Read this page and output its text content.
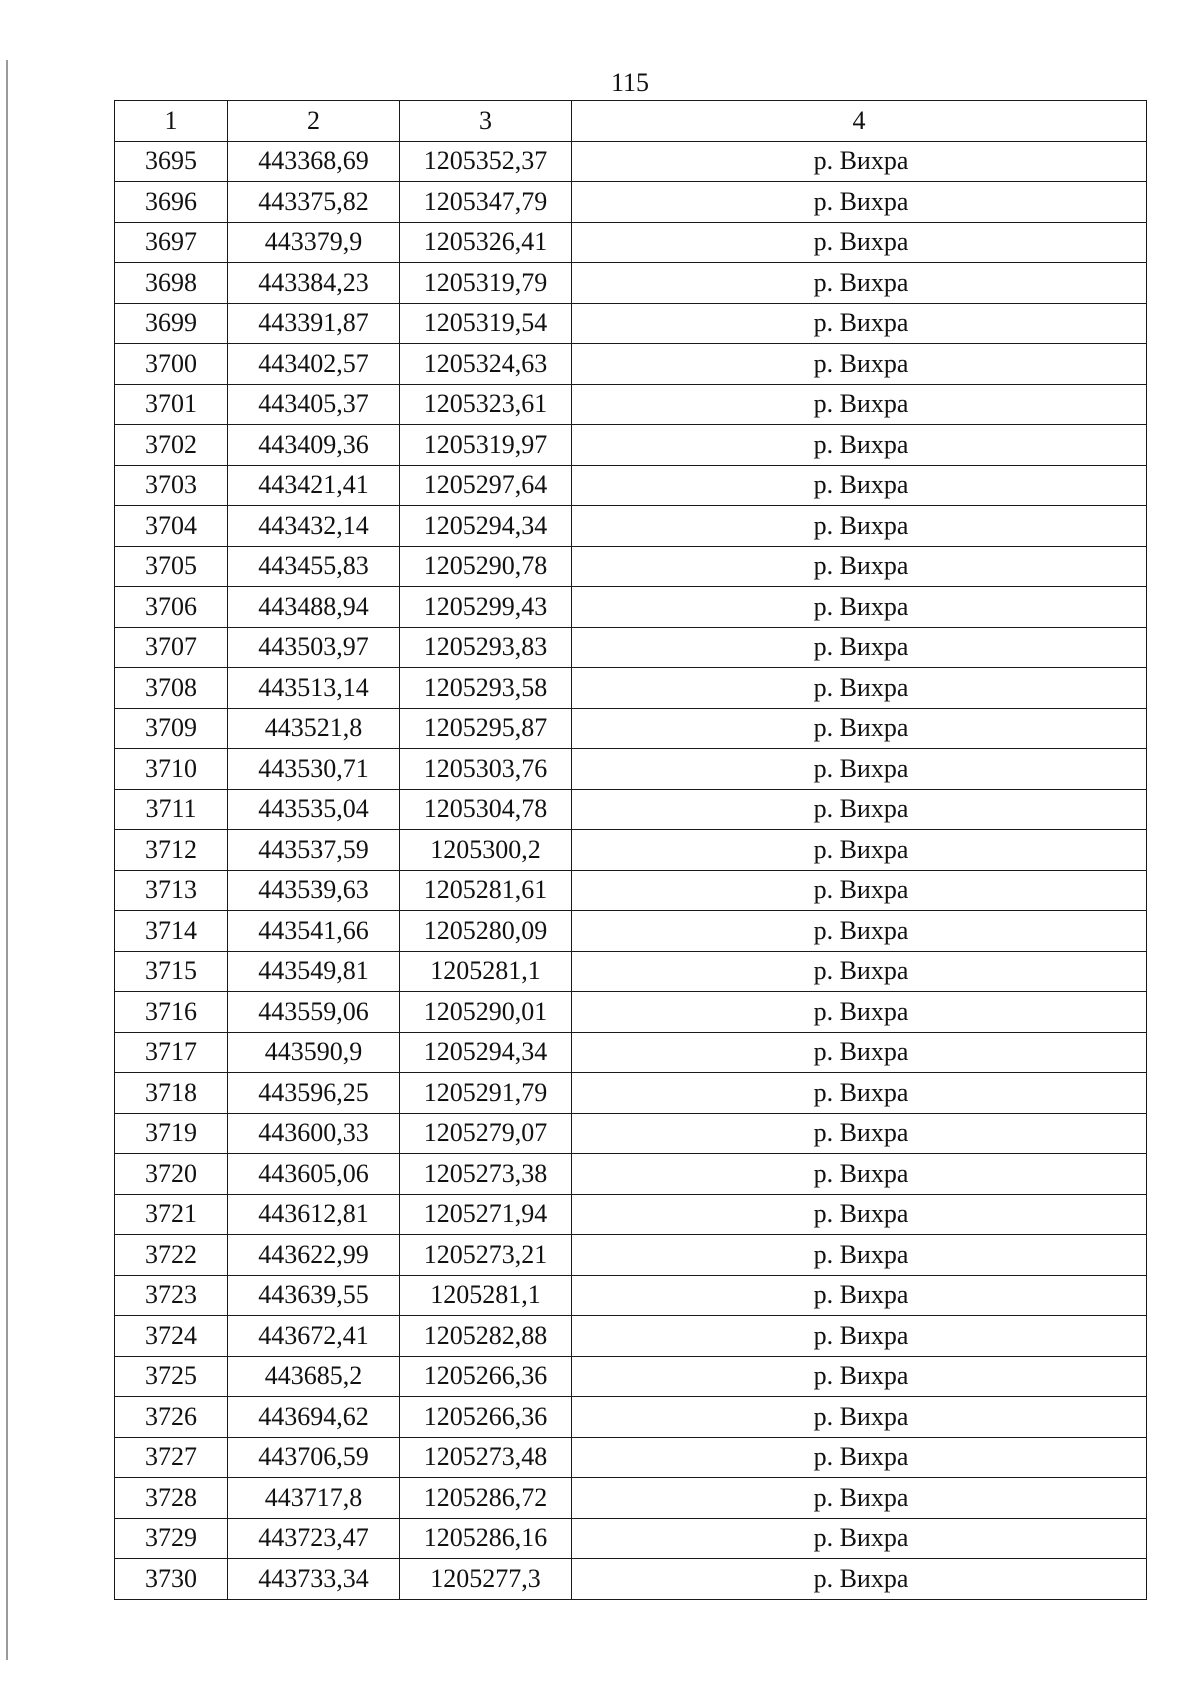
115
1	2	3	4
3695	443368,69	1205352,37	р. Вихра
3696	443375,82	1205347,79	р. Вихра
3697	443379,9	1205326,41	р. Вихра
3698	443384,23	1205319,79	р. Вихра
3699	443391,87	1205319,54	р. Вихра
3700	443402,57	1205324,63	р. Вихра
3701	443405,37	1205323,61	р. Вихра
3702	443409,36	1205319,97	р. Вихра
3703	443421,41	1205297,64	р. Вихра
3704	443432,14	1205294,34	р. Вихра
3705	443455,83	1205290,78	р. Вихра
3706	443488,94	1205299,43	р. Вихра
3707	443503,97	1205293,83	р. Вихра
3708	443513,14	1205293,58	р. Вихра
3709	443521,8	1205295,87	р. Вихра
3710	443530,71	1205303,76	р. Вихра
3711	443535,04	1205304,78	р. Вихра
3712	443537,59	1205300,2	р. Вихра
3713	443539,63	1205281,61	р. Вихра
3714	443541,66	1205280,09	р. Вихра
3715	443549,81	1205281,1	р. Вихра
3716	443559,06	1205290,01	р. Вихра
3717	443590,9	1205294,34	р. Вихра
3718	443596,25	1205291,79	р. Вихра
3719	443600,33	1205279,07	р. Вихра
3720	443605,06	1205273,38	р. Вихра
3721	443612,81	1205271,94	р. Вихра
3722	443622,99	1205273,21	р. Вихра
3723	443639,55	1205281,1	р. Вихра
3724	443672,41	1205282,88	р. Вихра
3725	443685,2	1205266,36	р. Вихра
3726	443694,62	1205266,36	р. Вихра
3727	443706,59	1205273,48	р. Вихра
3728	443717,8	1205286,72	р. Вихра
3729	443723,47	1205286,16	р. Вихра
3730	443733,34	1205277,3	р. Вихра
